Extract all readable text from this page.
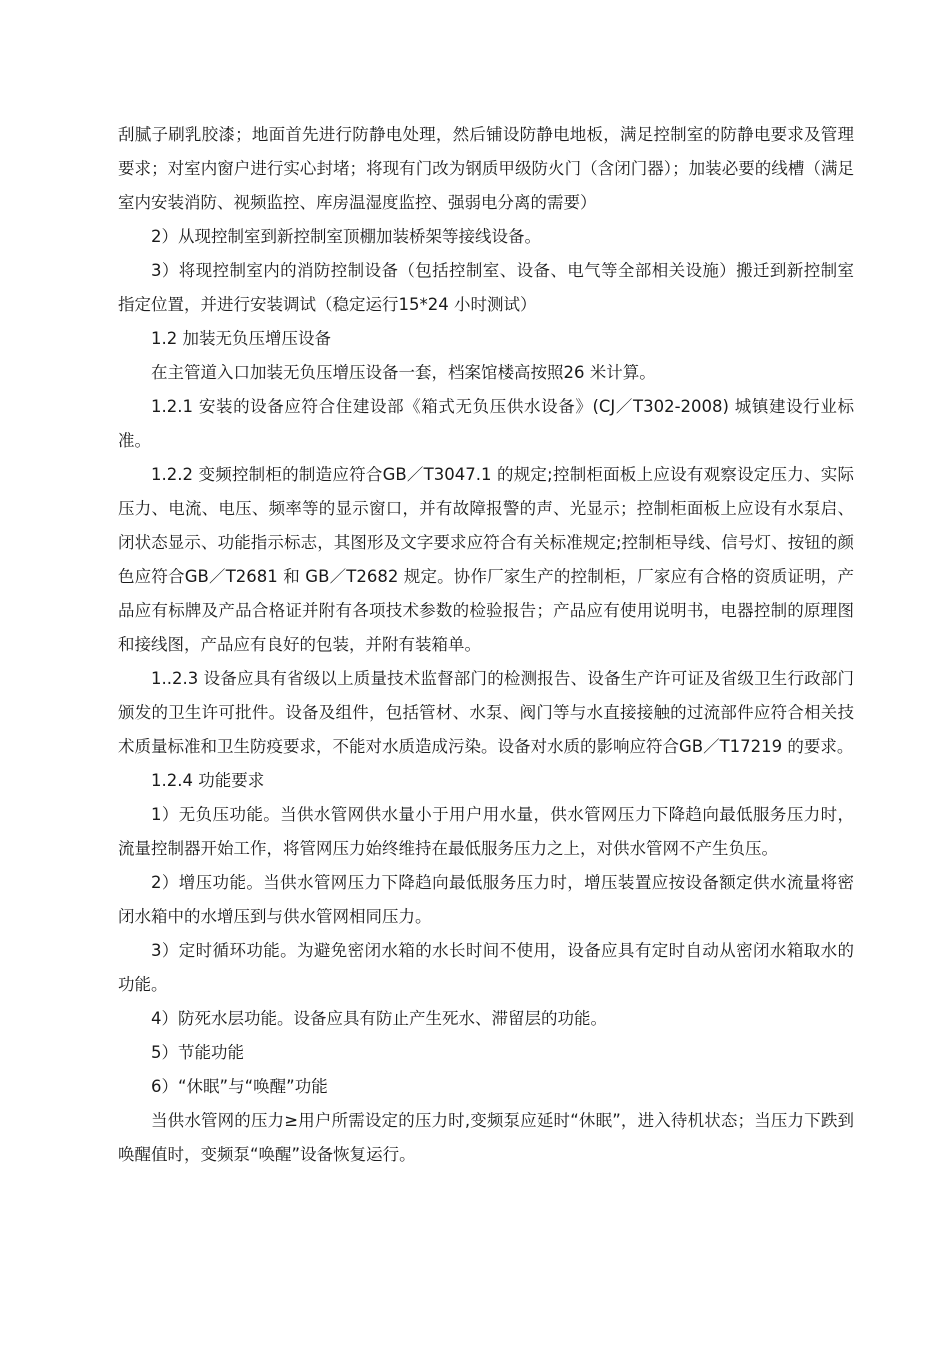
刮腻子刷乳胶漆；地面首先进行防静电处理，然后铺设防静电地板，满足控制室的防静电要求及管理要求；对室内窗户进行实心封堵；将现有门改为钢质甲级防火门（含闭门器）；加装必要的线槽（满足室内安装消防、视频监控、库房温湿度监控、强弱电分离的需要）

2）从现控制室到新控制室顶棚加装桥架等接线设备。

3）将现控制室内的消防控制设备（包括控制室、设备、电气等全部相关设施）搬迁到新控制室指定位置，并进行安装调试（稳定运行15*24 小时测试）

1.2 加装无负压增压设备

在主管道入口加装无负压增压设备一套，档案馆楼高按照26 米计算。

1.2.1 安装的设备应符合住建设部《箱式无负压供水设备》(CJ／T302-2008) 城镇建设行业标准。

1.2.2 变频控制柜的制造应符合GB／T3047.1 的规定;控制柜面板上应设有观察设定压力、实际压力、电流、电压、频率等的显示窗口，并有故障报警的声、光显示；控制柜面板上应设有水泵启、闭状态显示、功能指示标志，其图形及文字要求应符合有关标准规定;控制柜导线、信号灯、按钮的颜色应符合GB／T2681 和 GB／T2682 规定。协作厂家生产的控制柜，厂家应有合格的资质证明，产品应有标牌及产品合格证并附有各项技术参数的检验报告；产品应有使用说明书，电器控制的原理图和接线图，产品应有良好的包装，并附有装箱单。

1..2.3 设备应具有省级以上质量技术监督部门的检测报告、设备生产许可证及省级卫生行政部门颁发的卫生许可批件。设备及组件，包括管材、水泵、阀门等与水直接接触的过流部件应符合相关技术质量标准和卫生防疫要求，不能对水质造成污染。设备对水质的影响应符合GB／T17219 的要求。

1.2.4 功能要求

1）无负压功能。当供水管网供水量小于用户用水量，供水管网压力下降趋向最低服务压力时，流量控制器开始工作，将管网压力始终维持在最低服务压力之上，对供水管网不产生负压。

2）增压功能。当供水管网压力下降趋向最低服务压力时，增压装置应按设备额定供水流量将密闭水箱中的水增压到与供水管网相同压力。

3）定时循环功能。为避免密闭水箱的水长时间不使用，设备应具有定时自动从密闭水箱取水的功能。

4）防死水层功能。设备应具有防止产生死水、滞留层的功能。

5）节能功能

6）“休眠”与“唤醒”功能

当供水管网的压力≥用户所需设定的压力时,变频泵应延时“休眠”，进入待机状态；当压力下跌到唤醒值时，变频泵“唤醒”设备恢复运行。
